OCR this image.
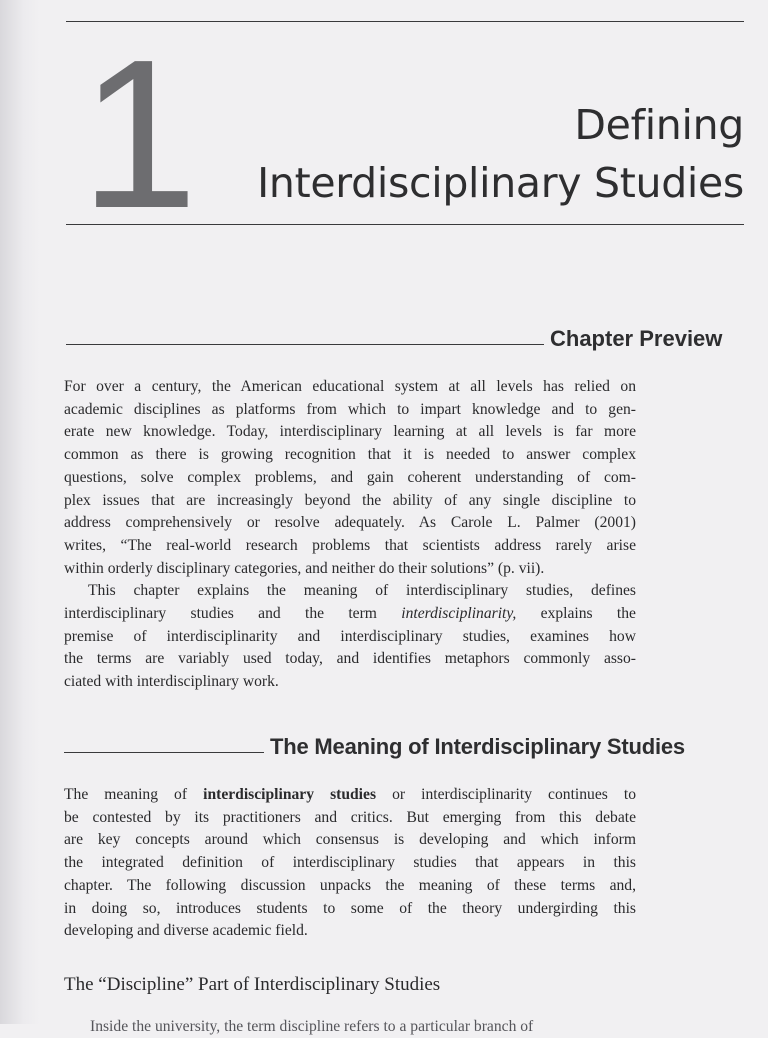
1	Defining
Interdisciplinary Studies
Chapter Preview
For over a century, the American educational system at all levels has relied on
academic disciplines as platforms from which to impart knowledge and to gen-
erate new knowledge. Today, interdisciplinary learning at all levels is far more
common as there is growing recognition that it is needed to answer complex
questions, solve complex problems, and gain coherent understanding of com-
plex issues that are increasingly beyond the ability of any single discipline to
address comprehensively or resolve adequately. As Carole L. Palmer (2001)
writes, “The real-world research problems that scientists address rarely arise
within orderly disciplinary categories, and neither do their solutions” (p. vii).
This chapter explains the meaning of interdisciplinary studies, defines
interdisciplinary studies and the term interdisciplinarity, explains the
premise of interdisciplinarity and interdisciplinary studies, examines how
the terms are variably used today, and identifies metaphors commonly asso-
ciated with interdisciplinary work.
The Meaning of Interdisciplinary Studies
The meaning of interdisciplinary studies or interdisciplinarity continues to
be contested by its practitioners and critics. But emerging from this debate
are key concepts around which consensus is developing and which inform
the integrated definition of interdisciplinary studies that appears in this
chapter. The following discussion unpacks the meaning of these terms and,
in doing so, introduces students to some of the theory undergirding this
developing and diverse academic field.
The “Discipline” Part of Interdisciplinary Studies
Inside the university, the term discipline refers to a particular branch of
